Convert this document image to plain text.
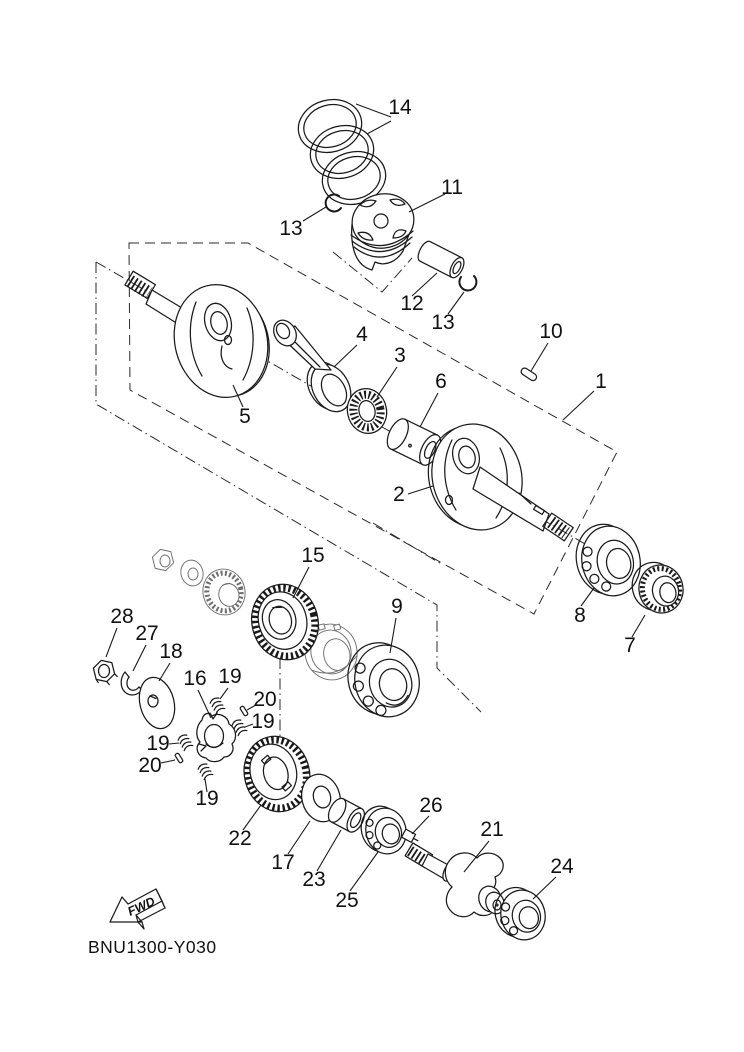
FWD
BNU1300-Y030
14
11
13
12
13	10
1
4
3
6
5
2
8
7
15
9
28
27
18
16 19
20
19
19
20
19
22
17
23
25
26
21
24
